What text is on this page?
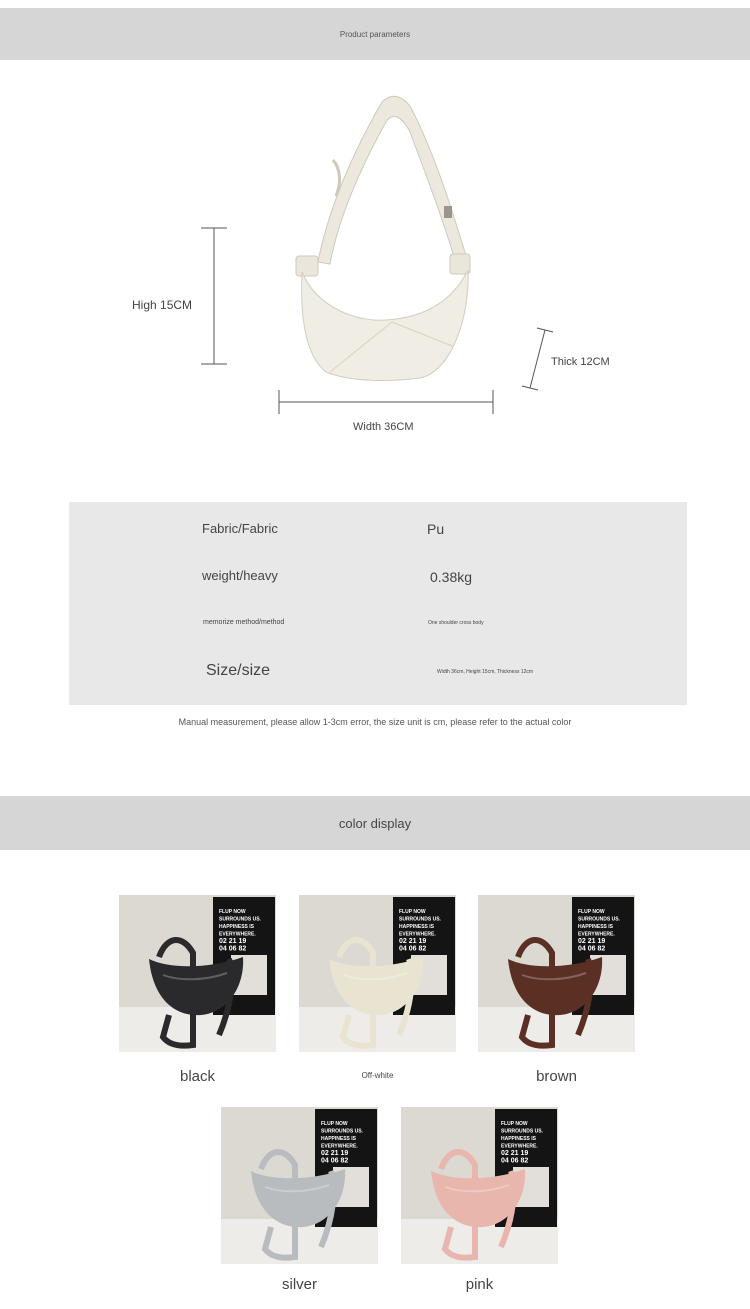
Product parameters
High 15CM
Width 36CM
Thick 12CM
Fabric/Fabric	Pu
weight/heavy	0.38kg
memorize method/method	One shoulder cross body
Size/size	Width 36cm, Height 15cm, Thickness 12cm
Manual measurement, please allow 1-3cm error, the size unit is cm, please refer to the actual color
color display
FLUP NOW
SURROUNDS US.
HAPPINESS IS
EVERYWHERE.
02 21 19
04 06 82
black
FLUP NOW
SURROUNDS US.
HAPPINESS IS
EVERYWHERE.
02 21 19
04 06 82
Off-white
FLUP NOW
SURROUNDS US.
HAPPINESS IS
EVERYWHERE.
02 21 19
04 06 82
brown
FLUP NOW
SURROUNDS US.
HAPPINESS IS
EVERYWHERE.
02 21 19
04 06 82
silver
FLUP NOW
SURROUNDS US.
HAPPINESS IS
EVERYWHERE.
02 21 19
04 06 82
pink
